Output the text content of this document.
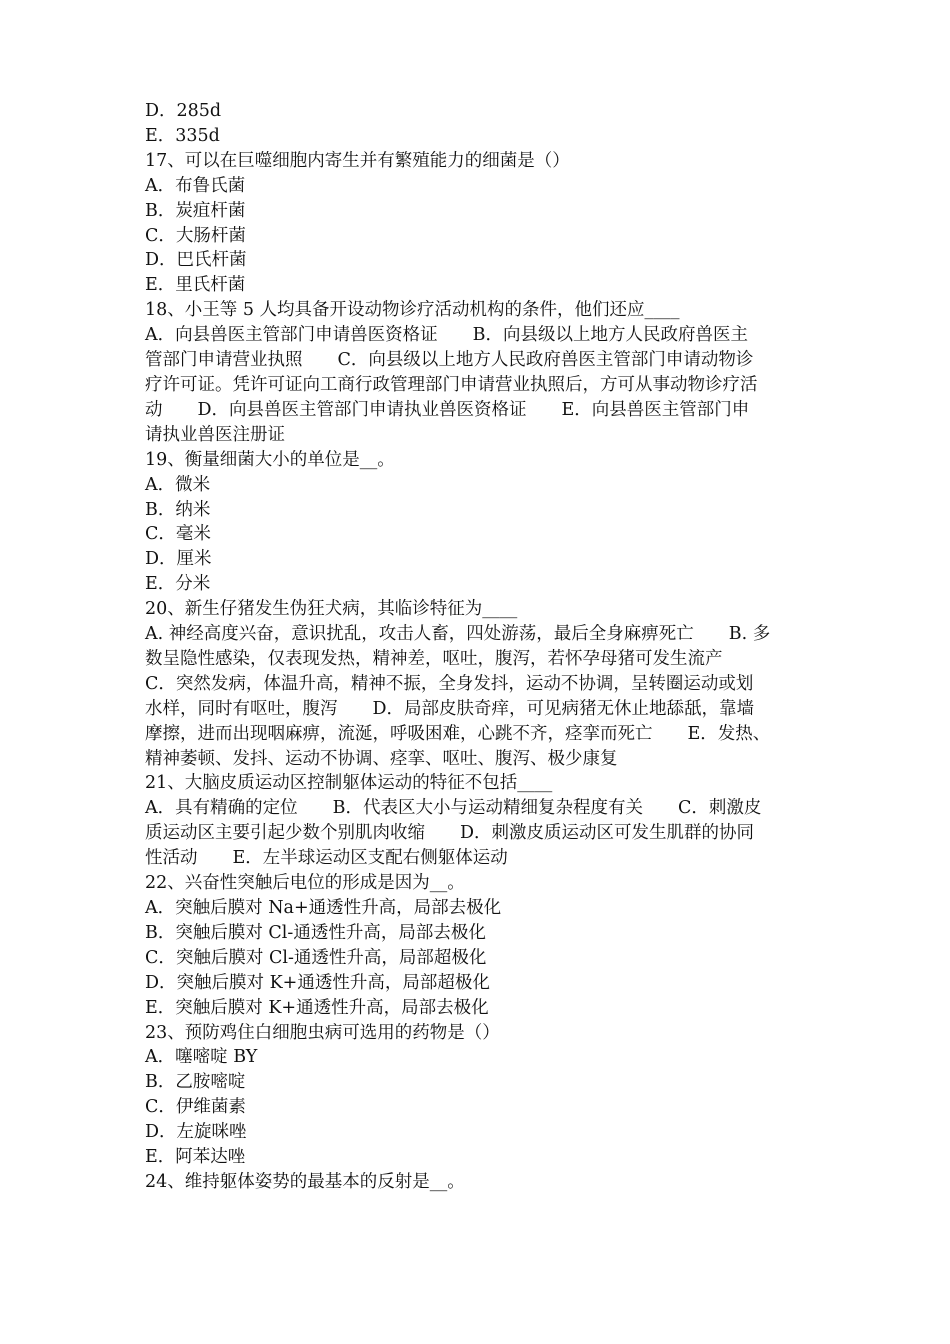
D．285d
E．335d
17、可以在巨噬细胞内寄生并有繁殖能力的细菌是（）
A．布鲁氏菌
B．炭疽杆菌
C．大肠杆菌
D．巴氏杆菌
E．里氏杆菌
18、小王等 5 人均具备开设动物诊疗活动机构的条件，他们还应____
A．向县兽医主管部门申请兽医资格证　　B．向县级以上地方人民政府兽医主
管部门申请营业执照　　C．向县级以上地方人民政府兽医主管部门申请动物诊
疗许可证。凭许可证向工商行政管理部门申请营业执照后，方可从事动物诊疗活
动　　D．向县兽医主管部门申请执业兽医资格证　　E．向县兽医主管部门申
请执业兽医注册证
19、衡量细菌大小的单位是__。
A．微米
B．纳米
C．毫米
D．厘米
E．分米
20、新生仔猪发生伪狂犬病，其临诊特征为____
A. 神经高度兴奋，意识扰乱，攻击人畜，四处游荡，最后全身麻痹死亡　　B. 多
数呈隐性感染，仅表现发热，精神差，呕吐，腹泻，若怀孕母猪可发生流产
C．突然发病，体温升高，精神不振，全身发抖，运动不协调，呈转圈运动或划
水样，同时有呕吐，腹泻　　D．局部皮肤奇痒，可见病猪无休止地舔舐，靠墙
摩擦，进而出现咽麻痹，流涎，呼吸困难，心跳不齐，痉挛而死亡　　E．发热、
精神萎顿、发抖、运动不协调、痉挛、呕吐、腹泻、极少康复
21、大脑皮质运动区控制躯体运动的特征不包括____
A．具有精确的定位　　B．代表区大小与运动精细复杂程度有关　　C．刺激皮
质运动区主要引起少数个别肌肉收缩　　D．刺激皮质运动区可发生肌群的协同
性活动　　E．左半球运动区支配右侧躯体运动
22、兴奋性突触后电位的形成是因为__。
A．突触后膜对 Na+通透性升高，局部去极化
B．突触后膜对 Cl-通透性升高，局部去极化
C．突触后膜对 Cl-通透性升高，局部超极化
D．突触后膜对 K+通透性升高，局部超极化
E．突触后膜对 K+通透性升高，局部去极化
23、预防鸡住白细胞虫病可选用的药物是（）
A．噻嘧啶 BY
B．乙胺嘧啶
C．伊维菌素
D．左旋咪唑
E．阿苯达唑
24、维持躯体姿势的最基本的反射是__。
